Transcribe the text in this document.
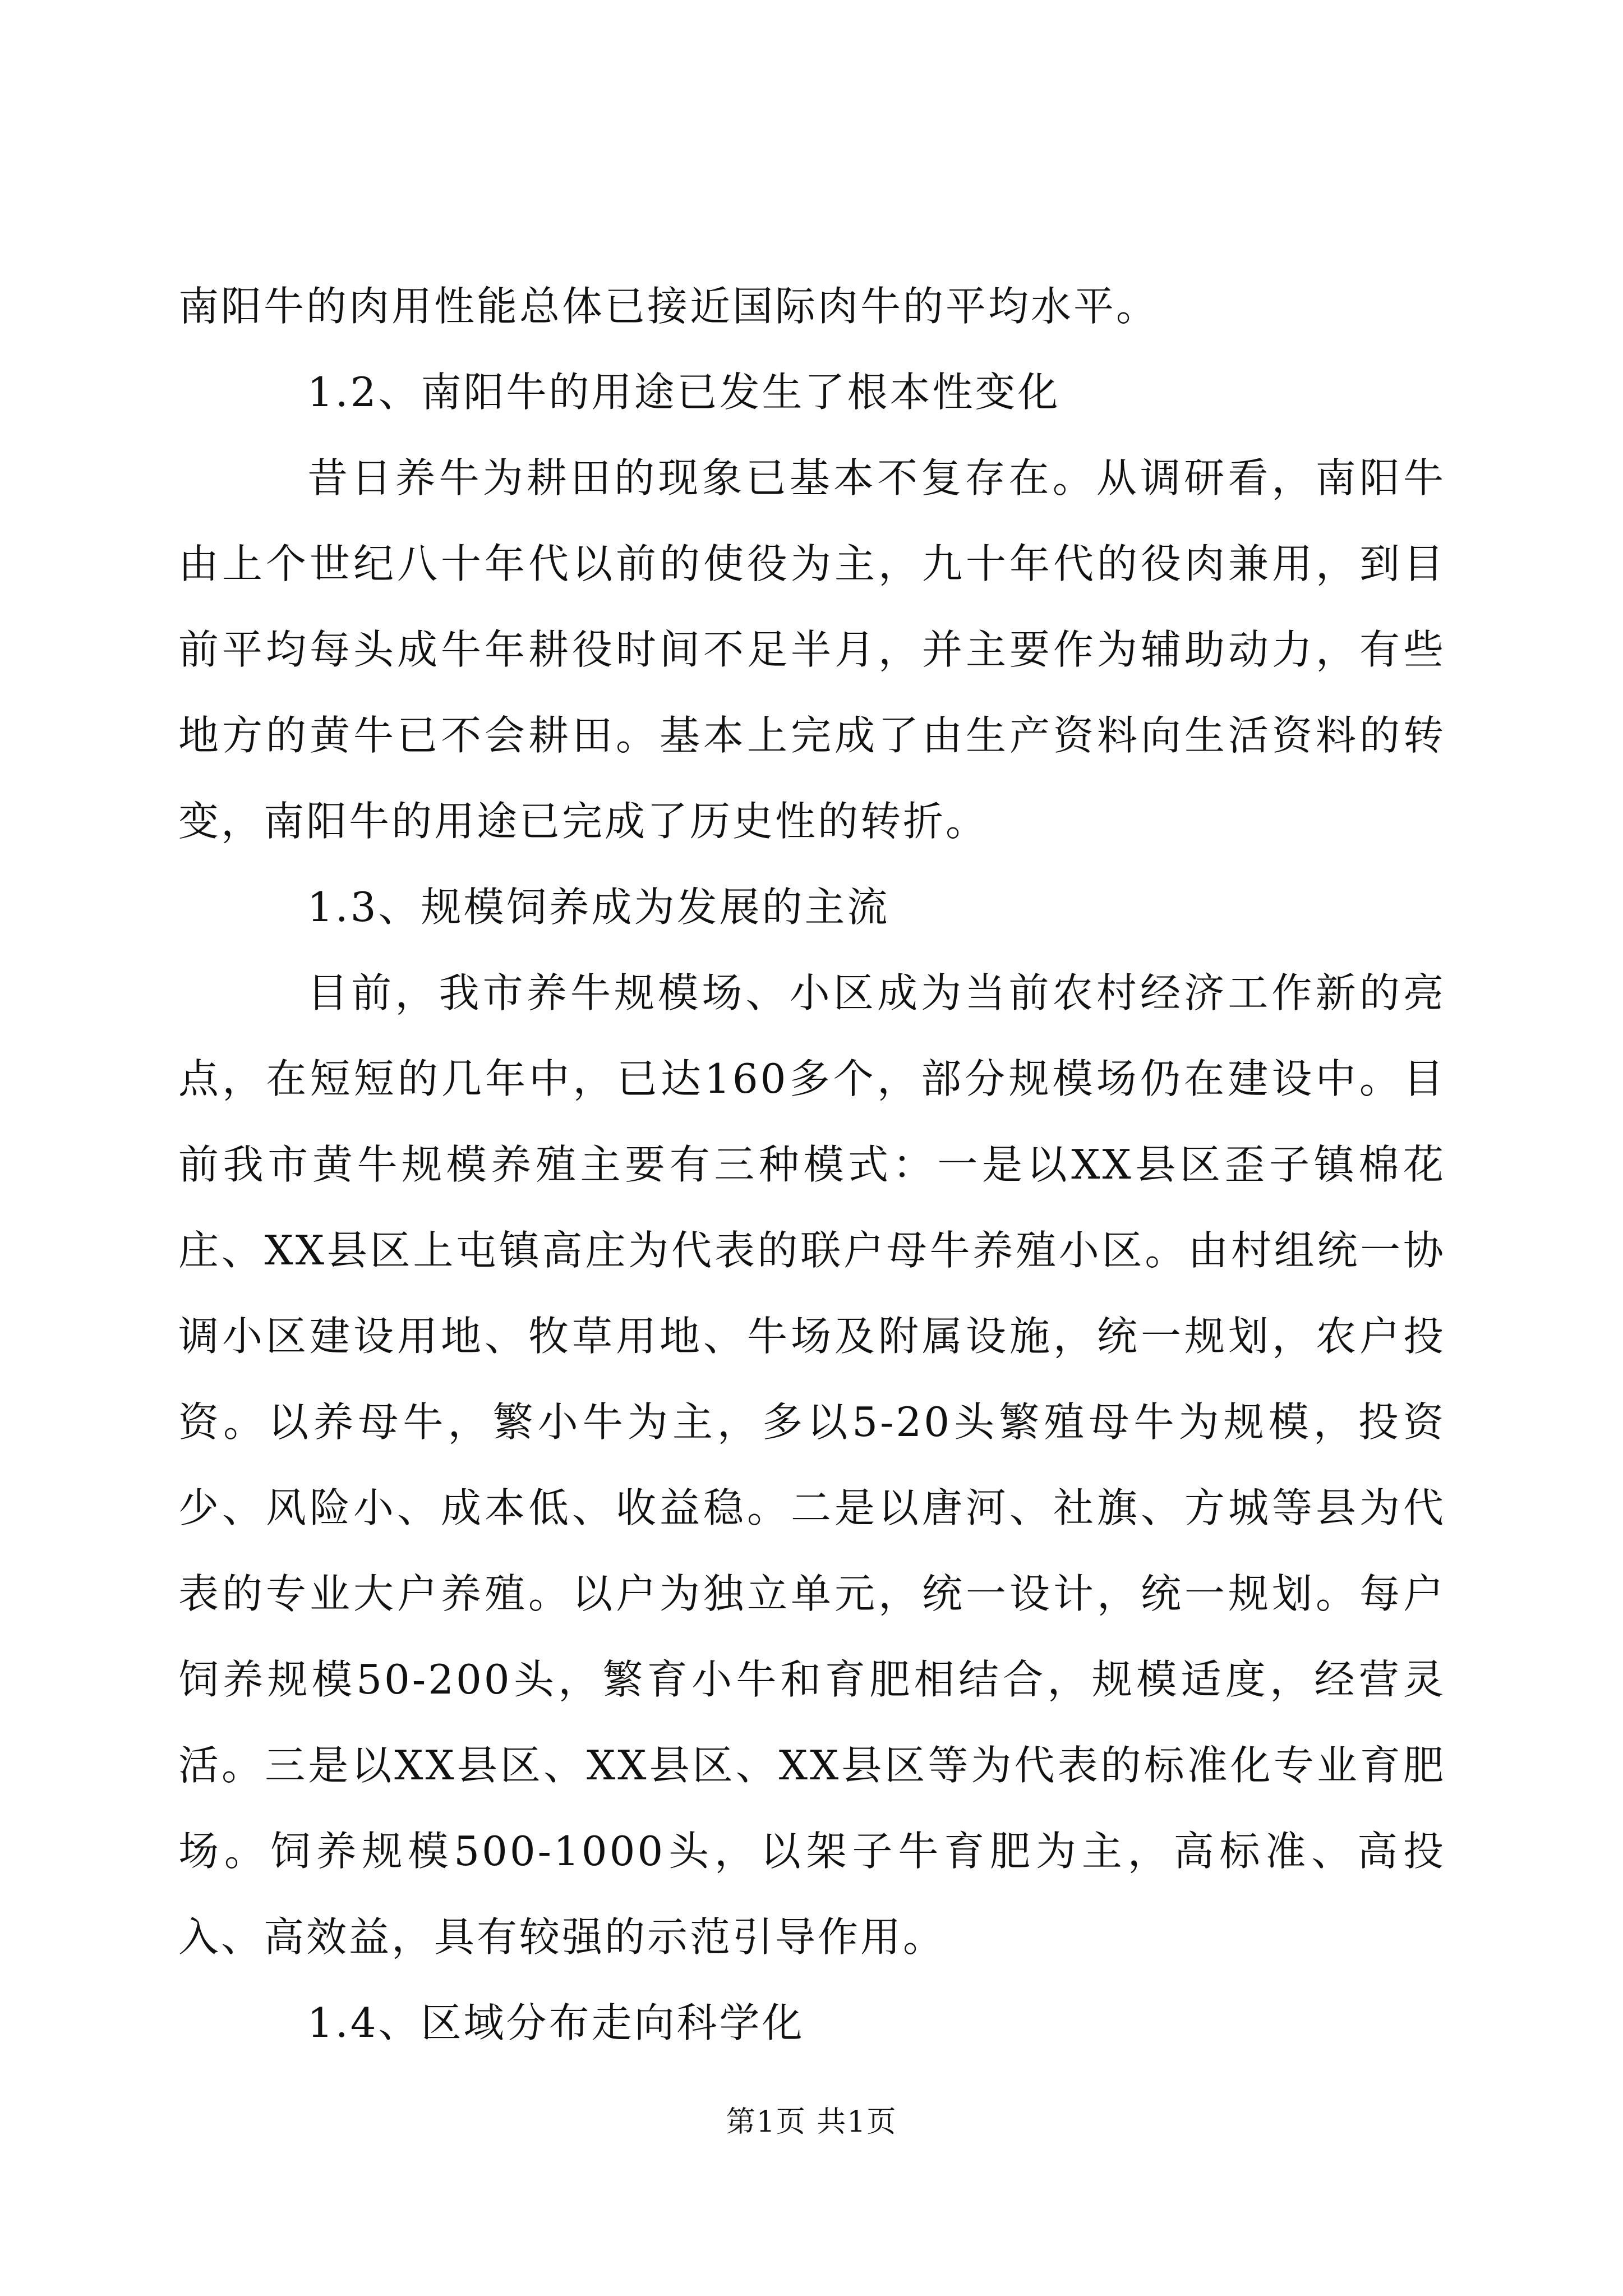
南阳牛的肉用性能总体已接近国际肉牛的平均水平。

1.2、南阳牛的用途已发生了根本性变化

昔日养牛为耕田的现象已基本不复存在。从调研看，南阳牛由上个世纪八十年代以前的使役为主，九十年代的役肉兼用，到目前平均每头成牛年耕役时间不足半月，并主要作为辅助动力，有些地方的黄牛已不会耕田。基本上完成了由生产资料向生活资料的转变，南阳牛的用途已完成了历史性的转折。

1.3、规模饲养成为发展的主流

目前，我市养牛规模场、小区成为当前农村经济工作新的亮点，在短短的几年中，已达160多个，部分规模场仍在建设中。目前我市黄牛规模养殖主要有三种模式：一是以XX县区歪子镇棉花庄、XX县区上屯镇高庄为代表的联户母牛养殖小区。由村组统一协调小区建设用地、牧草用地、牛场及附属设施，统一规划，农户投资。以养母牛，繁小牛为主，多以5-20头繁殖母牛为规模，投资少、风险小、成本低、收益稳。二是以唐河、社旗、方城等县为代表的专业大户养殖。以户为独立单元，统一设计，统一规划。每户饲养规模50-200头，繁育小牛和育肥相结合，规模适度，经营灵活。三是以XX县区、XX县区、XX县区等为代表的标准化专业育肥场。饲养规模500-1000头，以架子牛育肥为主，高标准、高投入、高效益，具有较强的示范引导作用。

1.4、区域分布走向科学化

第1页 共1页
